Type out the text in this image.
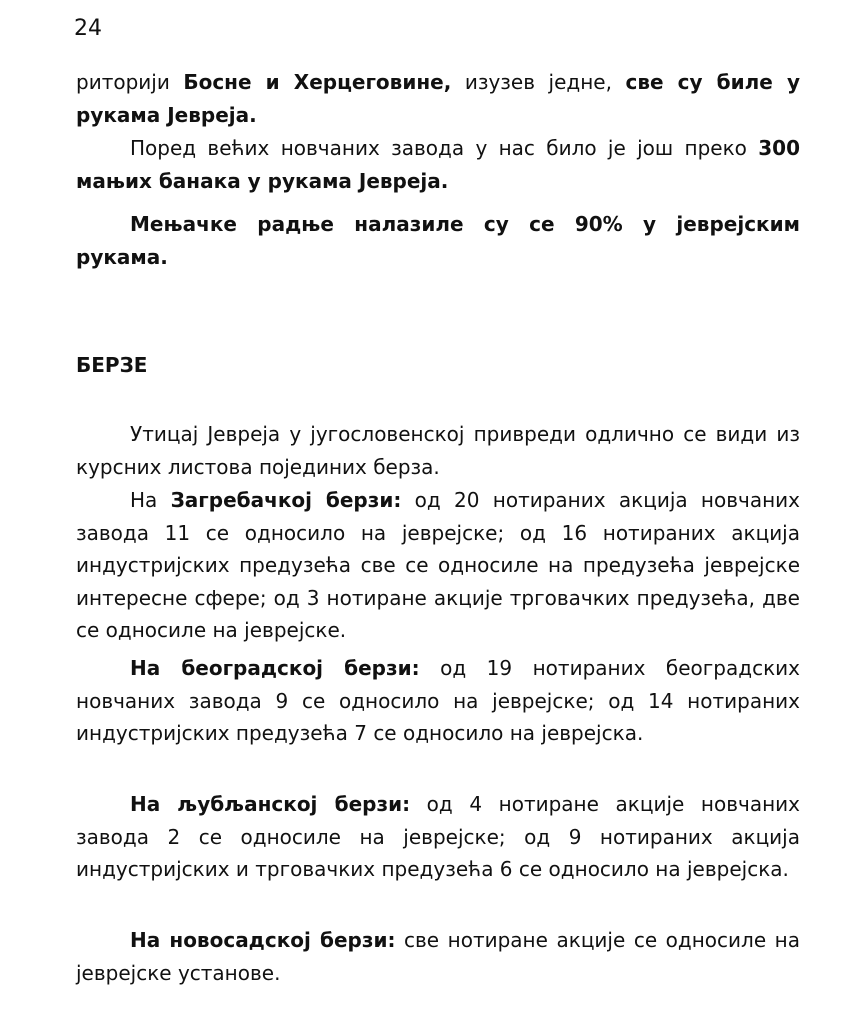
24

риторији Босне и Херцеговине, изузев једне, све су биле у рукама Јевреја.

Поред већих новчаних завода у нас било је још преко 300 мањих банака у рукама Јевреја.

Мењачке радње налазиле су се 90% у јеврејским рукама.

БЕРЗЕ

Утицај Јевреја у југословенској привреди одлично се види из курсних листова појединих берза.

На Загребачкој берзи: од 20 нотираних акција новчаних завода 11 се односило на јеврејске; од 16 нотираних акција индустријских предузећа све се односиле на предузећа јеврејске интересне сфере; од 3 нотиране акције трговачких предузећа, две се односиле на јеврејске.

На београдској берзи: од 19 нотираних београдских новчаних завода 9 се односило на јеврејске; од 14 нотираних индустријских предузећа 7 се односило на јеврејска.

На љубљанској берзи: од 4 нотиране акције новчаних завода 2 се односиле на јеврејске; од 9 нотираних акција индустријских и трговачких предузећа 6 се односило на јеврејска.

На новосадској берзи: све нотиране акције се односиле на јеврејске установе.
